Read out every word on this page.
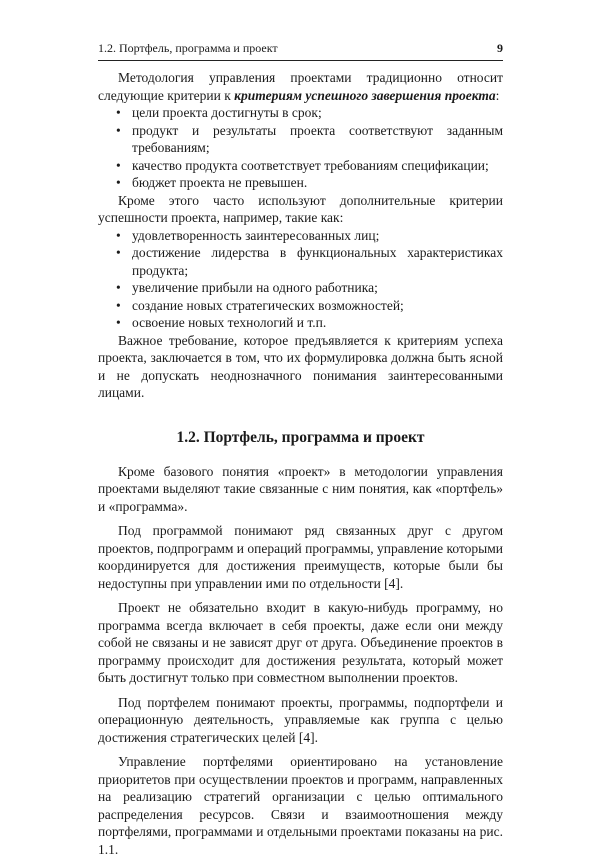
1.2. Портфель, программа и проект	9

Методология управления проектами традиционно относит следующие критерии к критериям успешного завершения проекта:

• цели проекта достигнуты в срок;
• продукт и результаты проекта соответствуют заданным требованиям;
• качество продукта соответствует требованиям спецификации;
• бюджет проекта не превышен.

Кроме этого часто используют дополнительные критерии успешности проекта, например, такие как:

• удовлетворенность заинтересованных лиц;
• достижение лидерства в функциональных характеристиках продукта;
• увеличение прибыли на одного работника;
• создание новых стратегических возможностей;
• освоение новых технологий и т.п.

Важное требование, которое предъявляется к критериям успеха проекта, заключается в том, что их формулировка должна быть ясной и не допускать неоднозначного понимания заинтересованными лицами.

1.2. Портфель, программа и проект

Кроме базового понятия «проект» в методологии управления проектами выделяют такие связанные с ним понятия, как «портфель» и «программа».

Под программой понимают ряд связанных друг с другом проектов, подпрограмм и операций программы, управление которыми координируется для достижения преимуществ, которые были бы недоступны при управлении ими по отдельности [4].

Проект не обязательно входит в какую-нибудь программу, но программа всегда включает в себя проекты, даже если они между собой не связаны и не зависят друг от друга. Объединение проектов в программу происходит для достижения результата, который может быть достигнут только при совместном выполнении проектов.

Под портфелем понимают проекты, программы, подпортфели и операционную деятельность, управляемые как группа с целью достижения стратегических целей [4].

Управление портфелями ориентировано на установление приоритетов при осуществлении проектов и программ, направленных на реализацию стратегий организации с целью оптимального распределения ресурсов. Связи и взаимоотношения между портфелями, программами и отдельными проектами показаны на рис. 1.1.
